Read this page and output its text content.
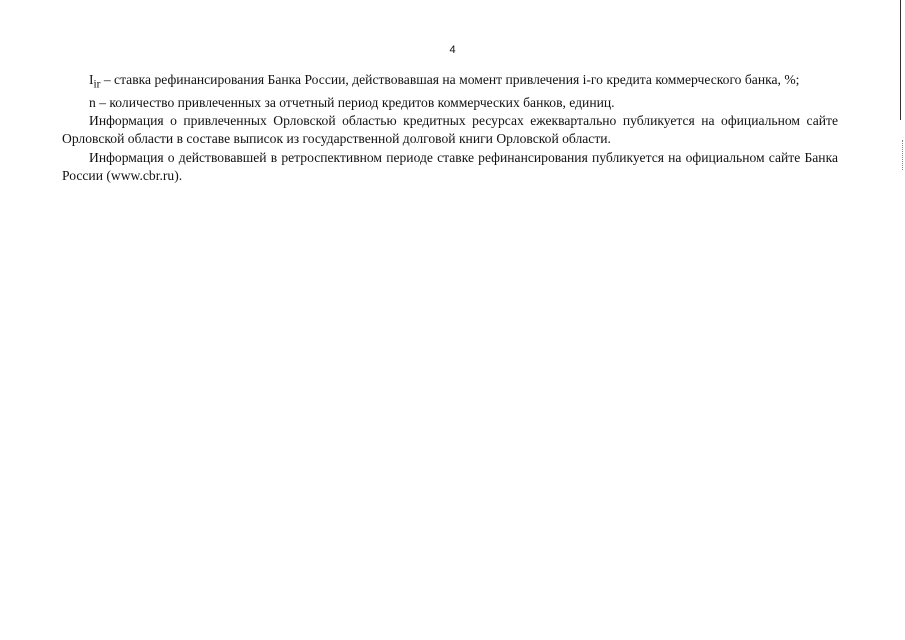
4

$I_{ir}$ – ставка рефинансирования Банка России, действовавшая на момент привлечения i-го кредита коммерческого банка, %;

n – количество привлеченных за отчетный период кредитов коммерческих банков, единиц.

Информация о привлеченных Орловской областью кредитных ресурсах ежеквартально публикуется на официальном сайте Орловской области в составе выписок из государственной долговой книги Орловской области.

Информация о действовавшей в ретроспективном периоде ставке рефинансирования публикуется на официальном сайте Банка России (www.cbr.ru).
